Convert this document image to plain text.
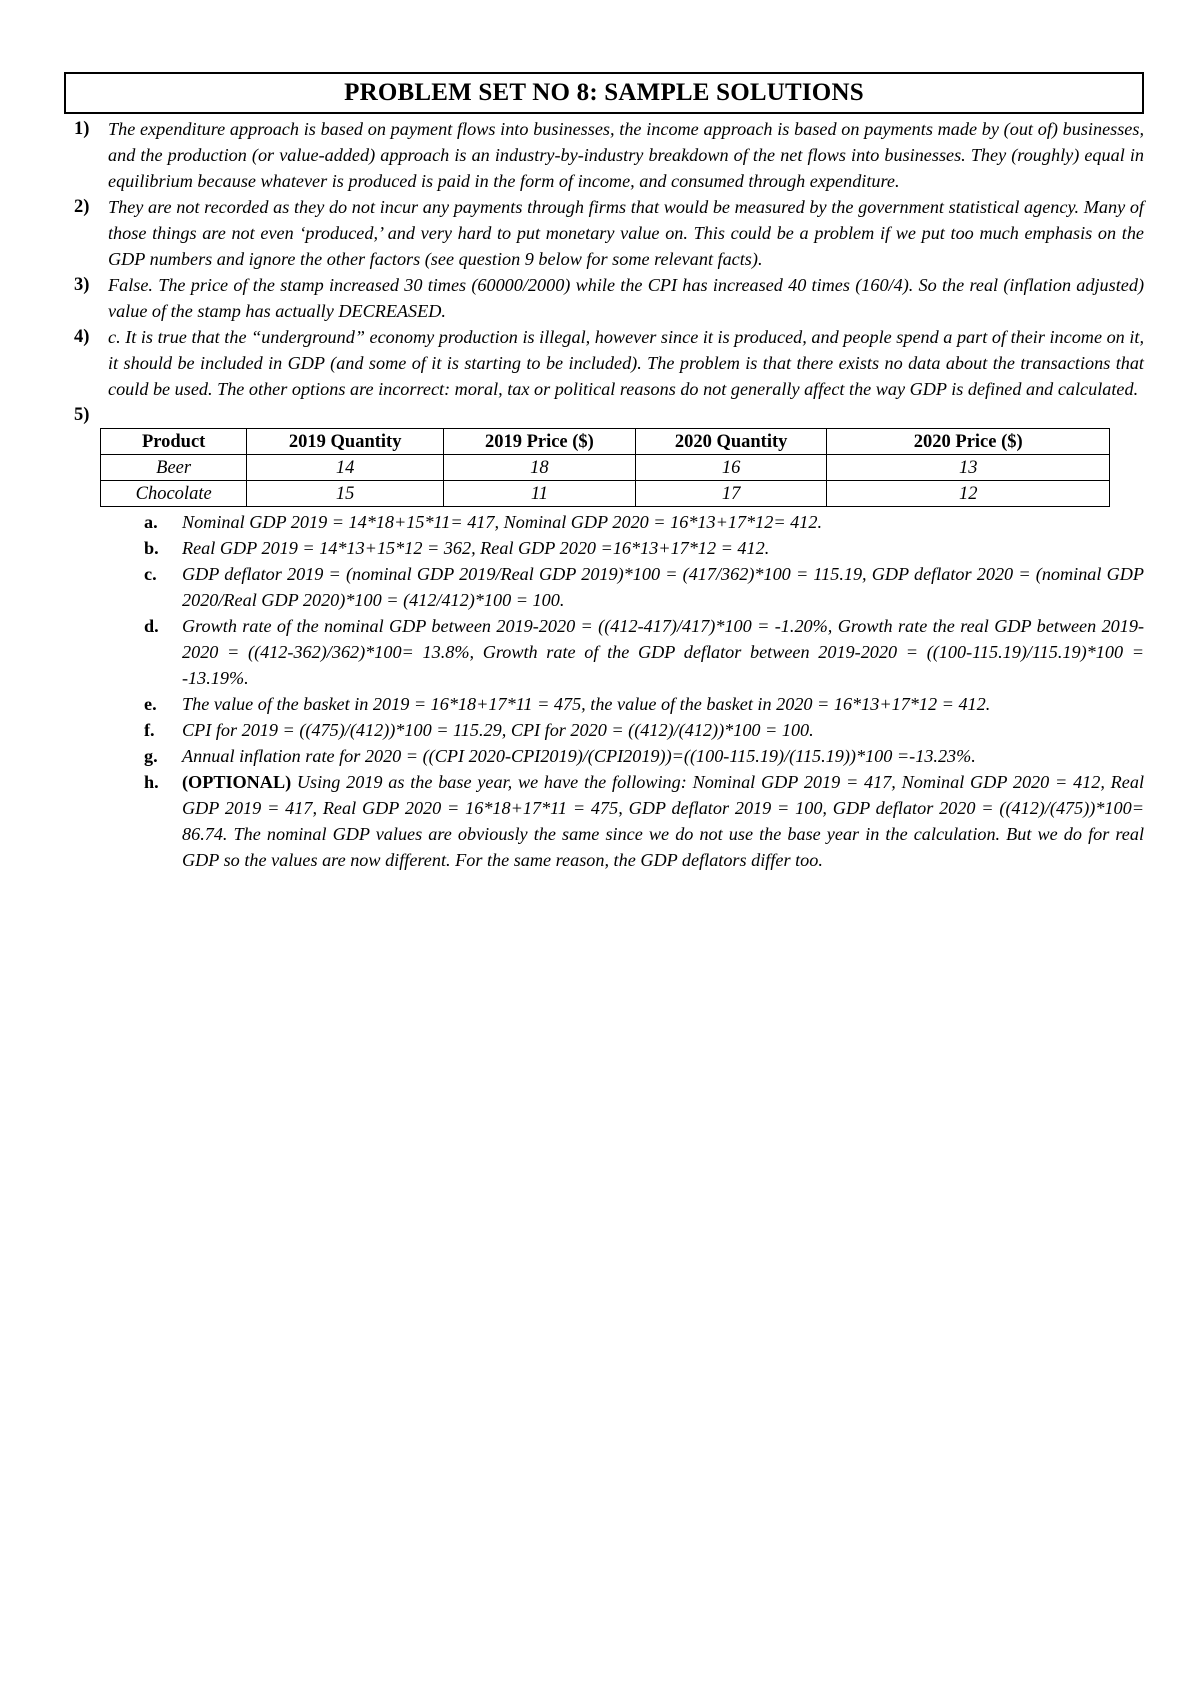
PROBLEM SET NO 8: SAMPLE SOLUTIONS
1)	The expenditure approach is based on payment flows into businesses, the income approach is based on payments made by (out of) businesses, and the production (or value-added) approach is an industry-by-industry breakdown of the net flows into businesses. They (roughly) equal in equilibrium because whatever is produced is paid in the form of income, and consumed through expenditure.
2)	They are not recorded as they do not incur any payments through firms that would be measured by the government statistical agency. Many of those things are not even ‘produced,’ and very hard to put monetary value on. This could be a problem if we put too much emphasis on the GDP numbers and ignore the other factors (see question 9 below for some relevant facts).
3)	False. The price of the stamp increased 30 times (60000/2000) while the CPI has increased 40 times (160/4). So the real (inflation adjusted) value of the stamp has actually DECREASED.
4)	c. It is true that the “underground” economy production is illegal, however since it is produced, and people spend a part of their income on it, it should be included in GDP (and some of it is starting to be included). The problem is that there exists no data about the transactions that could be used. The other options are incorrect: moral, tax or political reasons do not generally affect the way GDP is defined and calculated.
5)
Product	2019 Quantity	2019 Price ($)	2020 Quantity	2020 Price ($)
Beer	14	18	16	13
Chocolate	15	11	17	12
a.	Nominal GDP 2019 = 14*18+15*11= 417, Nominal GDP 2020 = 16*13+17*12= 412.
b.	Real GDP 2019 = 14*13+15*12 = 362, Real GDP 2020 =16*13+17*12 = 412.
c.	GDP deflator 2019 = (nominal GDP 2019/Real GDP 2019)*100 = (417/362)*100 = 115.19, GDP deflator 2020 = (nominal GDP 2020/Real GDP 2020)*100 = (412/412)*100 = 100.
d.	Growth rate of the nominal GDP between 2019-2020 = ((412-417)/417)*100 = -1.20%, Growth rate the real GDP between 2019-2020 = ((412-362)/362)*100= 13.8%, Growth rate of the GDP deflator between 2019-2020 = ((100-115.19)/115.19)*100 = -13.19%.
e.	The value of the basket in 2019 = 16*18+17*11 = 475, the value of the basket in 2020 = 16*13+17*12 = 412.
f.	CPI for 2019 = ((475)/(412))*100 = 115.29, CPI for 2020 = ((412)/(412))*100 = 100.
g.	Annual inflation rate for 2020 = ((CPI 2020-CPI2019)/(CPI2019))=((100-115.19)/(115.19))*100 =-13.23%.
h.	(OPTIONAL) Using 2019 as the base year, we have the following: Nominal GDP 2019 = 417, Nominal GDP 2020 = 412, Real GDP 2019 = 417, Real GDP 2020 = 16*18+17*11 = 475, GDP deflator 2019 = 100, GDP deflator 2020 = ((412)/(475))*100= 86.74. The nominal GDP values are obviously the same since we do not use the base year in the calculation. But we do for real GDP so the values are now different. For the same reason, the GDP deflators differ too.
